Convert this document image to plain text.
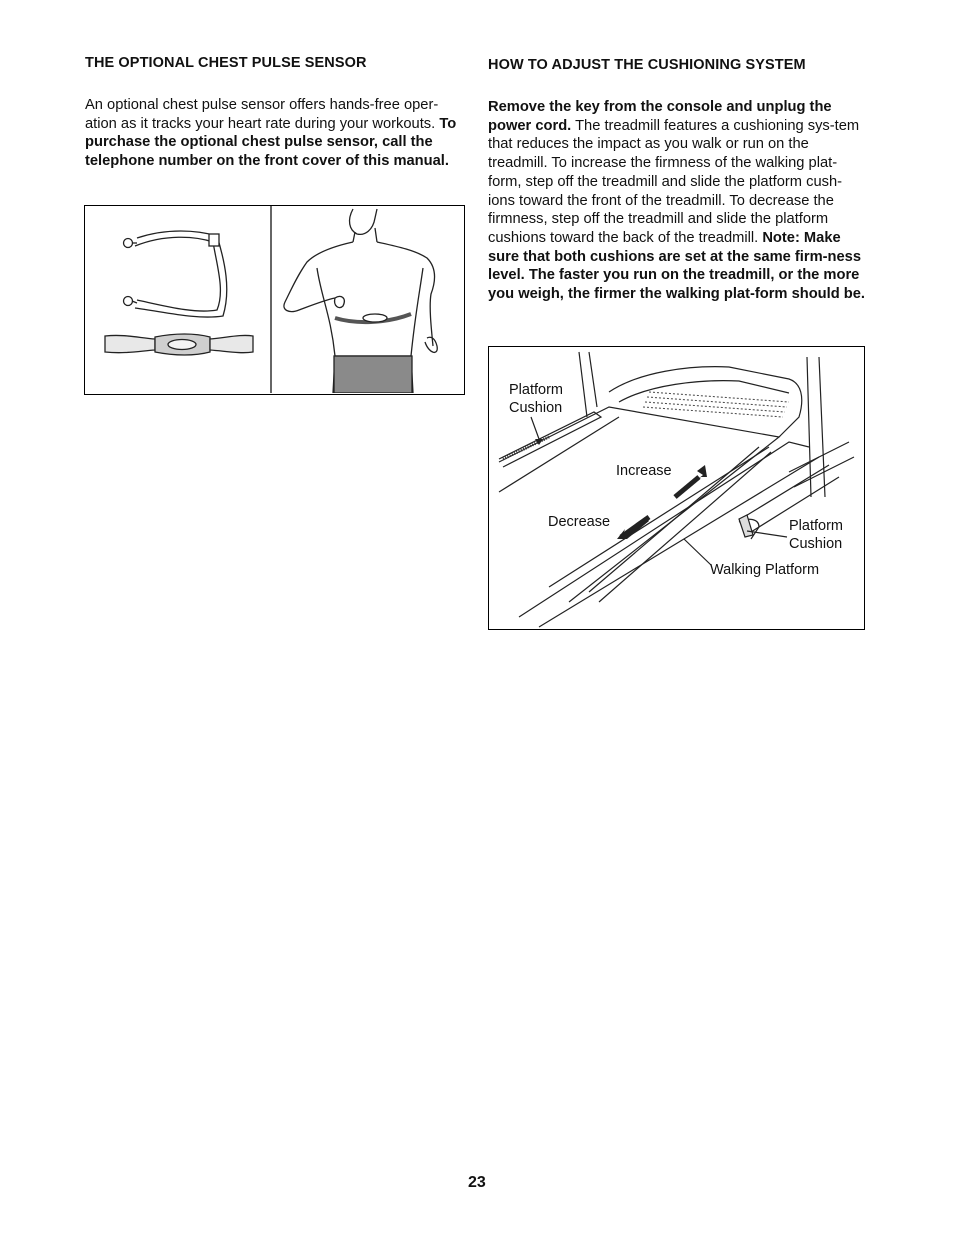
THE OPTIONAL CHEST PULSE SENSOR

An optional chest pulse sensor offers hands-free oper-ation as it tracks your heart rate during your workouts. To purchase the optional chest pulse sensor, call the telephone number on the front cover of this manual.

HOW TO ADJUST THE CUSHIONING SYSTEM

Remove the key from the console and unplug the power cord. The treadmill features a cushioning sys-tem that reduces the impact as you walk or run on the treadmill. To increase the firmness of the walking plat-form, step off the treadmill and slide the platform cush-ions toward the front of the treadmill. To decrease the firmness, step off the treadmill and slide the platform cushions toward the back of the treadmill. Note: Make sure that both cushions are set at the same firm-ness level. The faster you run on the treadmill, or the more you weigh, the firmer the walking plat-form should be.

Platform
Cushion
Increase
Decrease	Platform
Cushion
Walking Platform
23
